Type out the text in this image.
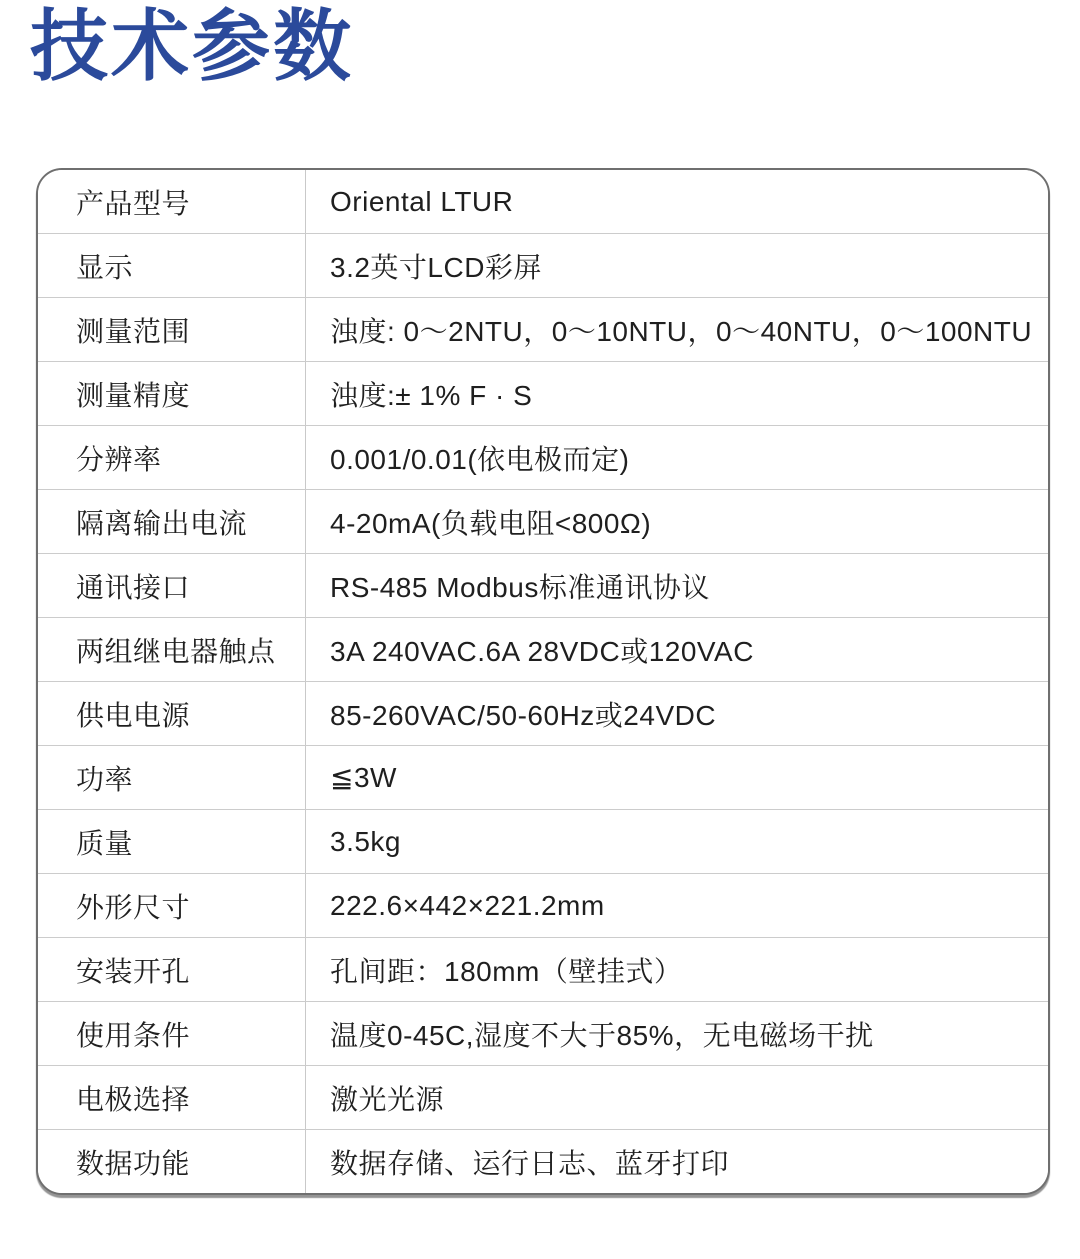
技术参数
产品型号	Oriental LTUR
显示	3.2英寸LCD彩屏
测量范围	浊度: 0～2NTU，0～10NTU，0～40NTU，0～100NTU
测量精度	浊度:± 1% F · S
分辨率	0.001/0.01(依电极而定)
隔离输出电流	4-20mA(负载电阻<800Ω)
通讯接口	RS-485 Modbus标准通讯协议
两组继电器触点	3A 240VAC.6A 28VDC或120VAC
供电电源	85-260VAC/50-60Hz或24VDC
功率	≦3W
质量	3.5kg
外形尺寸	222.6×442×221.2mm
安装开孔	孔间距：180mm（壁挂式）
使用条件	温度0-45C,湿度不大于85%，无电磁场干扰
电极选择	激光光源
数据功能	数据存储、运行日志、蓝牙打印
